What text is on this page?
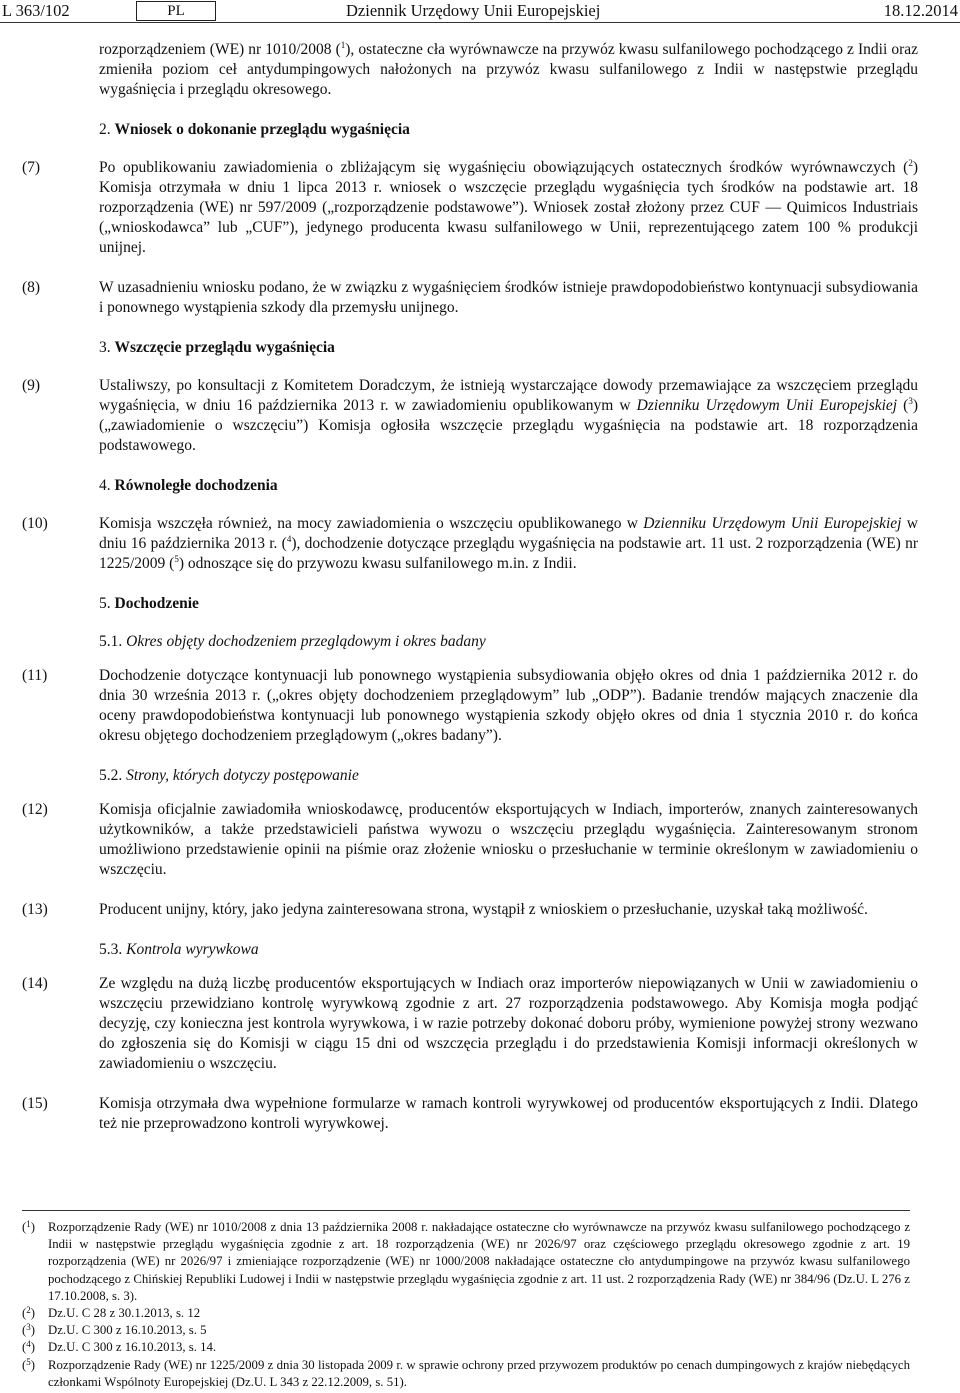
L 363/102	PL	Dziennik Urzędowy Unii Europejskiej	18.12.2014
rozporządzeniem (WE) nr 1010/2008 ($^1$), ostateczne cła wyrównawcze na przywóz kwasu sulfanilowego pochodzącego z Indii oraz zmieniła poziom ceł antydumpingowych nałożonych na przywóz kwasu sulfanilowego z Indii w następstwie przeglądu wygaśnięcia i przeglądu okresowego.
2. Wniosek o dokonanie przeglądu wygaśnięcia
(7)	Po opublikowaniu zawiadomienia o zbliżającym się wygaśnięciu obowiązujących ostatecznych środków wyrównawczych ($^2$) Komisja otrzymała w dniu 1 lipca 2013 r. wniosek o wszczęcie przeglądu wygaśnięcia tych środków na podstawie art. 18 rozporządzenia (WE) nr 597/2009 („rozporządzenie podstawowe”). Wniosek został złożony przez CUF — Quimicos Industriais („wnioskodawca” lub „CUF”), jedynego producenta kwasu sulfanilowego w Unii, reprezentującego zatem 100 % produkcji unijnej.
(8)	W uzasadnieniu wniosku podano, że w związku z wygaśnięciem środków istnieje prawdopodobieństwo kontynuacji subsydiowania i ponownego wystąpienia szkody dla przemysłu unijnego.
3. Wszczęcie przeglądu wygaśnięcia
(9)	Ustaliwszy, po konsultacji z Komitetem Doradczym, że istnieją wystarczające dowody przemawiające za wszczęciem przeglądu wygaśnięcia, w dniu 16 października 2013 r. w zawiadomieniu opublikowanym w Dzienniku Urzędowym Unii Europejskiej ($^3$) („zawiadomienie o wszczęciu”) Komisja ogłosiła wszczęcie przeglądu wygaśnięcia na podstawie art. 18 rozporządzenia podstawowego.
4. Równoległe dochodzenia
(10)	Komisja wszczęła również, na mocy zawiadomienia o wszczęciu opublikowanego w Dzienniku Urzędowym Unii Europejskiej w dniu 16 października 2013 r. ($^4$), dochodzenie dotyczące przeglądu wygaśnięcia na podstawie art. 11 ust. 2 rozporządzenia (WE) nr 1225/2009 ($^5$) odnoszące się do przywozu kwasu sulfanilowego m.in. z Indii.
5. Dochodzenie
5.1. Okres objęty dochodzeniem przeglądowym i okres badany
(11)	Dochodzenie dotyczące kontynuacji lub ponownego wystąpienia subsydiowania objęło okres od dnia 1 października 2012 r. do dnia 30 września 2013 r. („okres objęty dochodzeniem przeglądowym” lub „ODP”). Badanie trendów mających znaczenie dla oceny prawdopodobieństwa kontynuacji lub ponownego wystąpienia szkody objęło okres od dnia 1 stycznia 2010 r. do końca okresu objętego dochodzeniem przeglądowym („okres badany”).
5.2. Strony, których dotyczy postępowanie
(12)	Komisja oficjalnie zawiadomiła wnioskodawcę, producentów eksportujących w Indiach, importerów, znanych zainteresowanych użytkowników, a także przedstawicieli państwa wywozu o wszczęciu przeglądu wygaśnięcia. Zainteresowanym stronom umożliwiono przedstawienie opinii na piśmie oraz złożenie wniosku o przesłuchanie w terminie określonym w zawiadomieniu o wszczęciu.
(13)	Producent unijny, który, jako jedyna zainteresowana strona, wystąpił z wnioskiem o przesłuchanie, uzyskał taką możliwość.
5.3. Kontrola wyrywkowa
(14)	Ze względu na dużą liczbę producentów eksportujących w Indiach oraz importerów niepowiązanych w Unii w zawiadomieniu o wszczęciu przewidziano kontrolę wyrywkową zgodnie z art. 27 rozporządzenia podstawowego. Aby Komisja mogła podjąć decyzję, czy konieczna jest kontrola wyrywkowa, i w razie potrzeby dokonać doboru próby, wymienione powyżej strony wezwano do zgłoszenia się do Komisji w ciągu 15 dni od wszczęcia przeglądu i do przedstawienia Komisji informacji określonych w zawiadomieniu o wszczęciu.
(15)	Komisja otrzymała dwa wypełnione formularze w ramach kontroli wyrywkowej od producentów eksportujących z Indii. Dlatego też nie przeprowadzono kontroli wyrywkowej.
($^1$)	Rozporządzenie Rady (WE) nr 1010/2008 z dnia 13 października 2008 r. nakładające ostateczne cło wyrównawcze na przywóz kwasu sulfanilowego pochodzącego z Indii w następstwie przeglądu wygaśnięcia zgodnie z art. 18 rozporządzenia (WE) nr 2026/97 oraz częściowego przeglądu okresowego zgodnie z art. 19 rozporządzenia (WE) nr 2026/97 i zmieniające rozporządzenie (WE) nr 1000/2008 nakładające ostateczne cło antydumpingowe na przywóz kwasu sulfanilowego pochodzącego z Chińskiej Republiki Ludowej i Indii w następstwie przeglądu wygaśnięcia zgodnie z art. 11 ust. 2 rozporządzenia Rady (WE) nr 384/96 (Dz.U. L 276 z 17.10.2008, s. 3).
($^2$)	Dz.U. C 28 z 30.1.2013, s. 12
($^3$)	Dz.U. C 300 z 16.10.2013, s. 5
($^4$)	Dz.U. C 300 z 16.10.2013, s. 14.
($^5$)	Rozporządzenie Rady (WE) nr 1225/2009 z dnia 30 listopada 2009 r. w sprawie ochrony przed przywozem produktów po cenach dumpingowych z krajów niebędących członkami Wspólnoty Europejskiej (Dz.U. L 343 z 22.12.2009, s. 51).
